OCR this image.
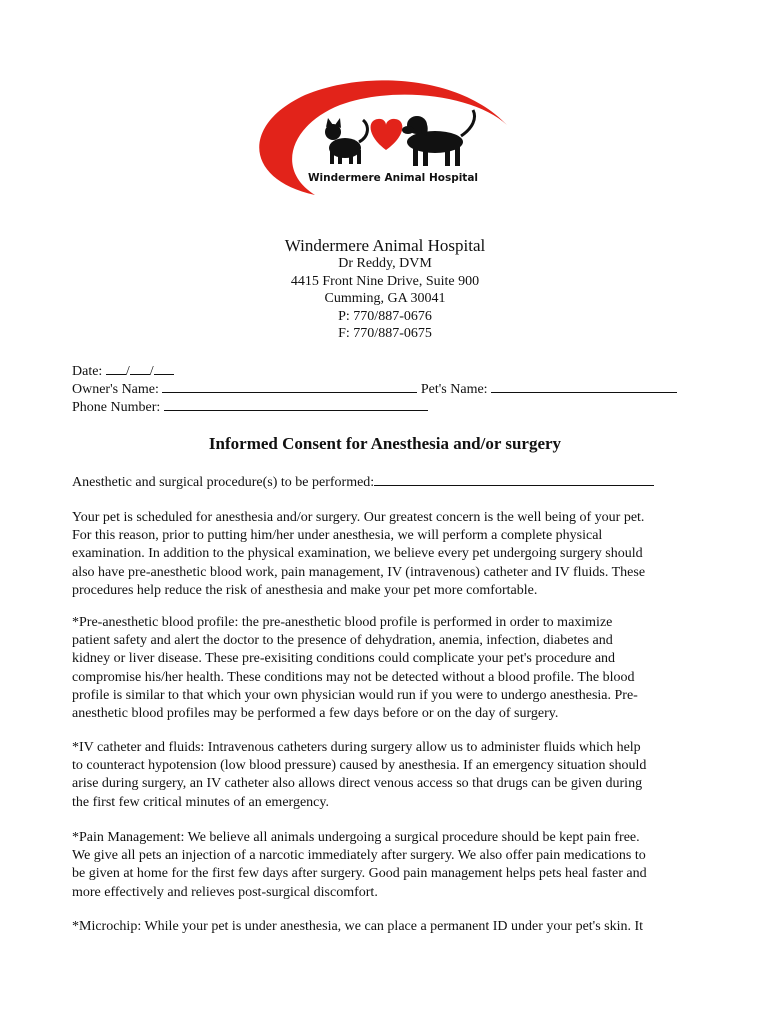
Windermere Animal Hospital
Windermere Animal Hospital
Dr Reddy, DVM
4415 Front Nine Drive, Suite 900
Cumming, GA 30041
P: 770/887-0676
F: 770/887-0675
Date: / /
Owner's Name:	Pet's Name:
Phone Number:
Informed Consent for Anesthesia and/or surgery
Anesthetic and surgical procedure(s) to be performed:
Your pet is scheduled for anesthesia and/or surgery. Our greatest concern is the well being of your pet.
For this reason, prior to putting him/her under anesthesia, we will perform a complete physical
examination. In addition to the physical examination, we believe every pet undergoing surgery should
also have pre-anesthetic blood work, pain management, IV (intravenous) catheter and IV fluids. These
procedures help reduce the risk of anesthesia and make your pet more comfortable.
*Pre-anesthetic blood profile: the pre-anesthetic blood profile is performed in order to maximize
patient safety and alert the doctor to the presence of dehydration, anemia, infection, diabetes and
kidney or liver disease. These pre-exisiting conditions could complicate your pet's procedure and
compromise his/her health. These conditions may not be detected without a blood profile. The blood
profile is similar to that which your own physician would run if you were to undergo anesthesia. Pre-
anesthetic blood profiles may be performed a few days before or on the day of surgery.
*IV catheter and fluids: Intravenous catheters during surgery allow us to administer fluids which help
to counteract hypotension (low blood pressure) caused by anesthesia. If an emergency situation should
arise during surgery, an IV catheter also allows direct venous access so that drugs can be given during
the first few critical minutes of an emergency.
*Pain Management: We believe all animals undergoing a surgical procedure should be kept pain free.
We give all pets an injection of a narcotic immediately after surgery. We also offer pain medications to
be given at home for the first few days after surgery. Good pain management helps pets heal faster and
more effectively and relieves post-surgical discomfort.
*Microchip: While your pet is under anesthesia, we can place a permanent ID under your pet's skin. It
